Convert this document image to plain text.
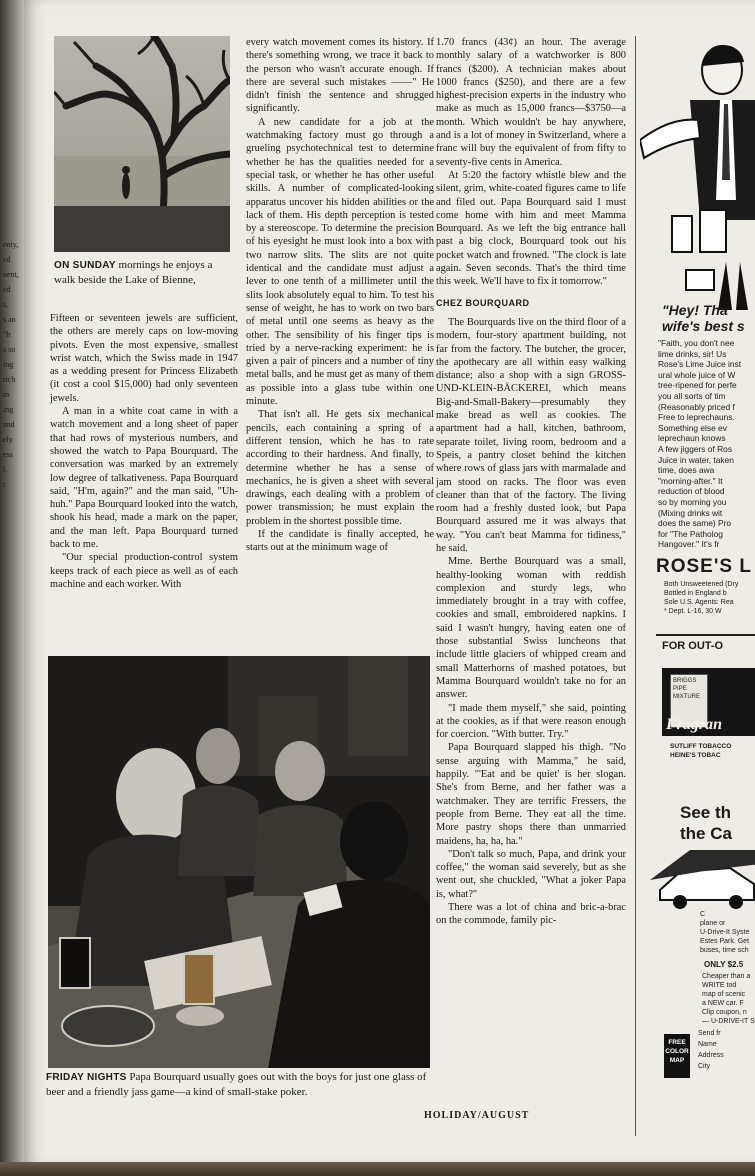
ON SUNDAY mornings he enjoys a walk beside the Lake of Bienne,

Fifteen or seventeen jewels are sufficient, the others are merely caps on low-moving pivots. Even the most expensive, smallest wrist watch, which the Swiss made in 1947 as a wedding present for Princess Elizabeth (it cost a cool $15,000) had only seventeen jewels.

A man in a white coat came in with a watch movement and a long sheet of paper that had rows of mysterious numbers, and showed the watch to Papa Bourquard. The conversation was marked by an extremely low degree of talkativeness. Papa Bourquard said, "H'm, again?" and the man said, "Uh-huh." Papa Bourquard looked into the watch, shook his head, made a mark on the paper, and the man left. Papa Bourquard turned back to me.

"Our special production-control system keeps track of each piece as well as of each machine and each worker. With

every watch movement comes its history. If there's something wrong, we trace it back to the person who wasn't accurate enough. If there are several such mistakes ——" He didn't finish the sentence and shrugged significantly.

A new candidate for a job at the watchmaking factory must go through a grueling psychotechnical test to determine whether he has the qualities needed for a special task, or whether he has other useful skills. A number of complicated-looking apparatus uncover his hidden abilities or the lack of them. His depth perception is tested by a stereoscope. To determine the precision of his eyesight he must look into a box with two narrow slits. The slits are not quite identical and the candidate must adjust a lever to one tenth of a millimeter until the slits look absolutely equal to him. To test his sense of weight, he has to work on two bars of metal until one seems as heavy as the other. The sensibility of his finger tips is tried by a nerve-racking experiment: he is given a pair of pincers and a number of tiny metal balls, and he must get as many of them as possible into a glass tube within one minute.

That isn't all. He gets six mechanical pencils, each containing a spring of a different tension, which he has to rate according to their hardness. And finally, to determine whether he has a sense of mechanics, he is given a sheet with several drawings, each dealing with a problem of power transmission; he must explain the problem in the shortest possible time.

If the candidate is finally accepted, he starts out at the minimum wage of

1.70 francs (43¢) an hour. The average monthly salary of a watchworker is 800 francs ($200). A technician makes about 1000 francs ($250), and there are a few highest-precision experts in the industry who make as much as 15,000 francs—$3750—a month. Which wouldn't be hay anywhere, and is a lot of money in Switzerland, where a franc will buy the equivalent of from fifty to seventy-five cents in America.

At 5:20 the factory whistle blew and the silent, grim, white-coated figures came to life and filed out. Papa Bourquard said I must come home with him and meet Mamma Bourquard. As we left the big entrance hall past a big clock, Bourquard took out his pocket watch and frowned. "The clock is late again. Seven seconds. That's the third time this week. We'll have to fix it tomorrow."

CHEZ BOURQUARD

The Bourquards live on the third floor of a modern, four-story apartment building, not far from the factory. The butcher, the grocer, the apothecary are all within easy walking distance; also a shop with a sign GROSS-UND-KLEIN-BÄCKEREI, which means Big-and-Small-Bakery—presumably they make bread as well as cookies. The apartment had a hall, kitchen, bathroom, separate toilet, living room, bedroom and a Speis, a pantry closet behind the kitchen where rows of glass jars with marmalade and jam stood on racks. The floor was even cleaner than that of the factory. The living room had a freshly dusted look, but Papa Bourquard assured me it was always that way. "You can't beat Mamma for tidiness," he said.

Mme. Berthe Bourquard was a small, healthy-looking woman with reddish complexion and sturdy legs, who immediately brought in a tray with coffee, cookies and small, embroidered napkins. I said I wasn't hungry, having eaten one of those substantial Swiss luncheons that include little glaciers of whipped cream and small Matterhorns of mashed potatoes, but Mamma Bourquard wouldn't take no for an answer.

"I made them myself," she said, pointing at the cookies, as if that were reason enough for coercion. "With butter. Try."

Papa Bourquard slapped his thigh. "No sense arguing with Mamma," he said, happily. "'Eat and be quiet' is her slogan. She's from Berne, and her father was a watchmaker. They are terrific Fressers, the people from Berne. They eat all the time. More pastry shops there than unmarried maidens, ha, ha, ha."

"Don't talk so much, Papa, and drink your coffee," the woman said severely, but as she went out, she chuckled, "What a joker Papa is, what?"

There was a lot of china and bric-a-brac on the commode, family pic-

FRIDAY NIGHTS Papa Bourquard usually goes out with the boys for just one glass of beer and a friendly jass game—a kind of small-stake poker.
HOLIDAY/AUGUST
"Hey! Tha
wife's best s
"Faith, you don't nee
lime drinks, sir! Us
Rose's Lime Juice inst
ural whole juice of W
tree-ripened for perfe
you all sorts of tim
(Reasonably priced f
Free to leprechauns.
Something else ev
leprechaun knows
A few jiggers of Ros
Juice in water, taken
time, does awa
"morning-after." It
reduction of blood
so by morning you
(Mixing drinks wit
does the same) Pro
for "The Patholog
Hangover." It's fr
ROSE'S L
Both Unsweetened (Dry
Bottled in England b
Sole U.S. Agents: Rea
* Dept. L-16, 30 W
FOR OUT-O
BRIGGS
PIPE
MIXTURE
Fragran
SUTLIFF TOBACCO
HEINE'S TOBAC
See th
the Ca
C
plane or
U-Drive-It Syste
Estes Park. Get
buses, time sch
ONLY $2.5
Cheaper than a
WRITE tod
map of scenic
a NEW car. F
Clip coupon, n
— U-DRIVE-IT S
FREE
COLOR
MAP
Send fr
Name
Address
City
enty,
ed
nent,
ed
s,
s an
"h
s so
ing
rich
m
ing
and
ely
ess
l.
r
